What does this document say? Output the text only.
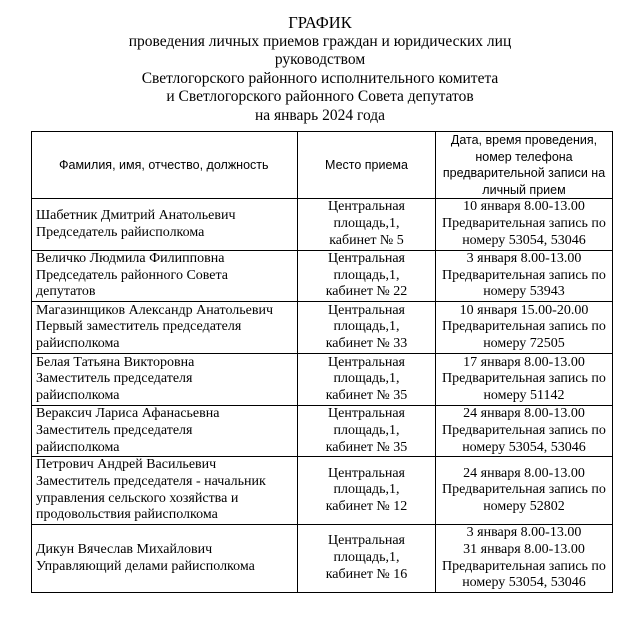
ГРАФИК
проведения личных приемов граждан и юридических лиц
руководством
Светлогорского районного исполнительного комитета
и Светлогорского районного Совета депутатов
на январь 2024 года
Фамилия, имя, отчество, должность	Место приема	Дата, время проведения,
номер телефона
предварительной записи на
личный прием

Шабетник Дмитрий Анатольевич
Председатель райисполкома	Центральная
площадь,1,
кабинет № 5	10 января 8.00-13.00
Предварительная запись по
номеру 53054, 53046

Величко Людмила Филипповна
Председатель районного Совета
депутатов	Центральная
площадь,1,
кабинет № 22	3 января 8.00-13.00
Предварительная запись по
номеру 53943

Магазинщиков Александр Анатольевич
Первый заместитель председателя
райисполкома	Центральная
площадь,1,
кабинет № 33	10 января 15.00-20.00
Предварительная запись по
номеру 72505

Белая Татьяна Викторовна
Заместитель председателя
райисполкома	Центральная
площадь,1,
кабинет № 35	17 января 8.00-13.00
Предварительная запись по
номеру 51142

Вераксич Лариса Афанасьевна
Заместитель председателя
райисполкома	Центральная
площадь,1,
кабинет № 35	24 января 8.00-13.00
Предварительная запись по
номеру 53054, 53046

Петрович Андрей Васильевич
Заместитель председателя - начальник
управления сельского хозяйства и
продовольствия райисполкома	Центральная
площадь,1,
кабинет № 12	24 января 8.00-13.00
Предварительная запись по
номеру 52802

Дикун Вячеслав Михайлович
Управляющий делами райисполкома	Центральная
площадь,1,
кабинет № 16	3 января 8.00-13.00
31 января 8.00-13.00
Предварительная запись по
номеру 53054, 53046
